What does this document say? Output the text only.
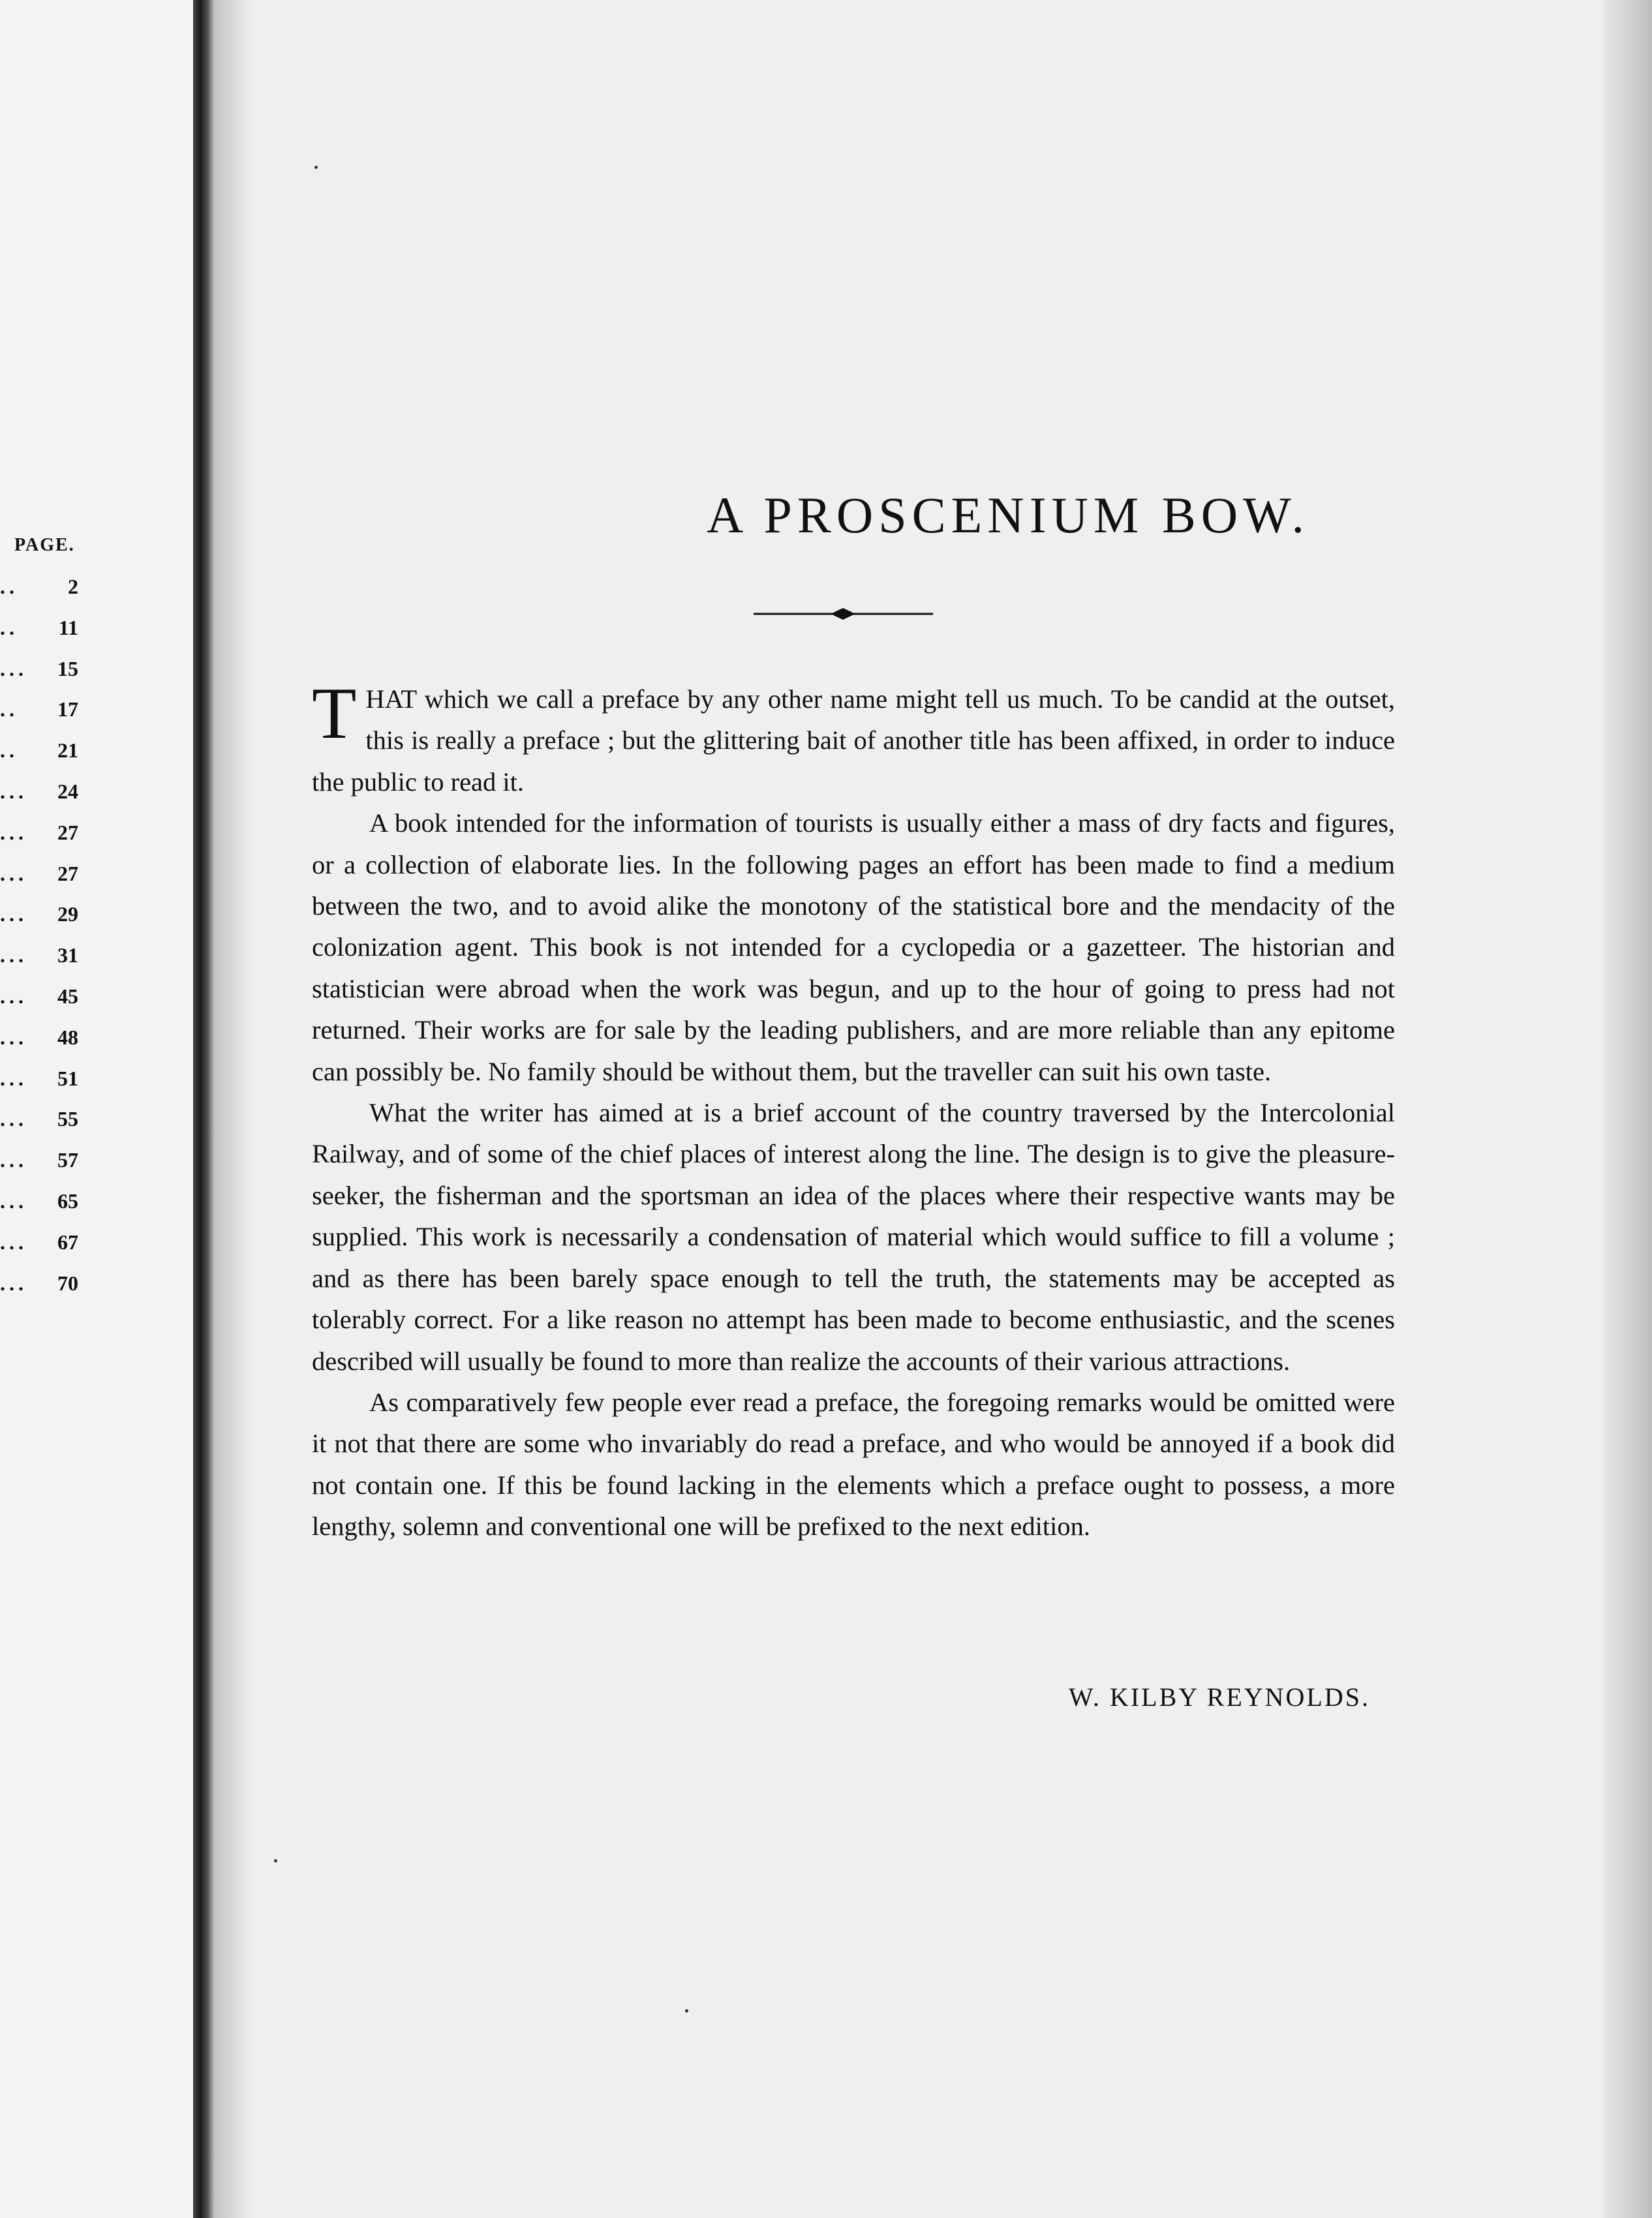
PAGE.
.. 2
.. 11
... 15
.. 17
.. 21
... 24
... 27
... 27
... 29
... 31
... 45
... 48
... 51
... 55
... 57
... 65
... 67
... 70
A PROSCENIUM BOW.

THAT which we call a preface by any other name might tell us much. To be candid at the outset, this is really a preface ; but the glittering bait of another title has been affixed, in order to induce the public to read it.

A book intended for the information of tourists is usually either a mass of dry facts and figures, or a collection of elaborate lies. In the following pages an effort has been made to find a medium between the two, and to avoid alike the monotony of the statistical bore and the mendacity of the colonization agent. This book is not intended for a cyclopedia or a gazetteer. The historian and statistician were abroad when the work was begun, and up to the hour of going to press had not returned. Their works are for sale by the leading publishers, and are more reliable than any epitome can possibly be. No family should be without them, but the traveller can suit his own taste.

What the writer has aimed at is a brief account of the country traversed by the Intercolonial Railway, and of some of the chief places of interest along the line. The design is to give the pleasure-seeker, the fisherman and the sportsman an idea of the places where their respective wants may be supplied. This work is necessarily a condensation of material which would suffice to fill a volume ; and as there has been barely space enough to tell the truth, the statements may be accepted as tolerably correct. For a like reason no attempt has been made to become enthusiastic, and the scenes described will usually be found to more than realize the accounts of their various attractions.

As comparatively few people ever read a preface, the foregoing remarks would be omitted were it not that there are some who invariably do read a preface, and who would be annoyed if a book did not contain one. If this be found lacking in the elements which a preface ought to possess, a more lengthy, solemn and conventional one will be prefixed to the next edition.

W. KILBY REYNOLDS.
